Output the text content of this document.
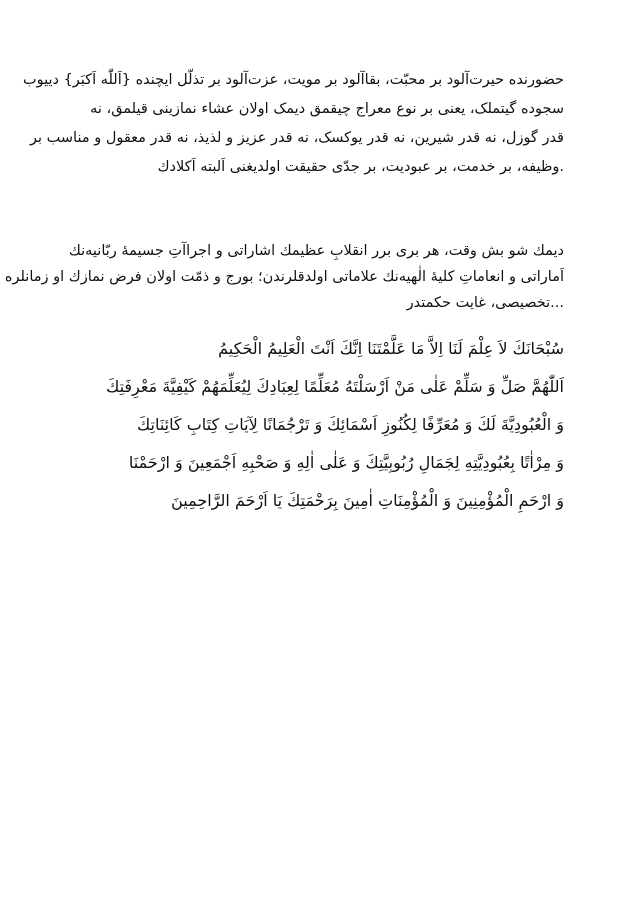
حضورنده حیرت‌آلود بر محبّت، بقاآلود بر مویت، عزت‌آلود بر تذلّل ایچنده {اَللّٰه اَکبَر} دییوب
سجوده گیتملک، یعنی بر نوع معراج چیقمق دیمک اولان عشاء نمازینی قیلمق، نه
قدر گوزل، نه قدر شیرین، نه قدر یوکسک، نه قدر عزیز و لذیذ، نه قدر معقول و مناسب بر
.وظیفه، بر خدمت، بر عبودیت، بر جدّی حقیقت اولدیغنی اَلبته اَکلادك
دیمك شو بش وقت، هر بری برر انقلابِ عظیمك اشاراتی و اجراآتِ جسیمهٔ ربّانیه‌نك
اَماراتی و انعاماتِ کلیهٔ الٰهیه‌نك علاماتی اولدقلرندن؛ بورج و ذمّت اولان فرض نمازك او زمانلره
...تخصیصی، غایت حکمتدر
سُبْحَانَكَ لاَ عِلْمَ لَنَا اِلاَّ مَا عَلَّمْتَنَا اِنَّكَ اَنْتَ الْعَلِيمُ الْحَكِيمُ
اَللّٰهُمَّ صَلِّ وَ سَلِّمْ عَلٰى مَنْ اَرْسَلْتَهُ مُعَلِّمًا لِعِبَادِكَ لِيُعَلِّمَهُمْ كَيْفِيَّةَ مَعْرِفَتِكَ
وَ الْعُبُودِيَّةَ لَكَ وَ مُعَرِّفًا لِكُنُوزِ اَسْمَائِكَ وَ تَرْجُمَانًا لِآيَاتِ كِتَابِ كَائِنَاتِكَ
وَ مِرْاٰتًا بِعُبُودِيَّتِهِ لِجَمَالِ رُبُوبِيَّتِكَ وَ عَلٰى اٰلِهِ وَ صَحْبِهِ اَجْمَعِينَ وَ ارْحَمْنَا
وَ ارْحَمِ الْمُؤْمِنِينَ وَ الْمُؤْمِنَاتِ اٰمِينَ بِرَحْمَتِكَ يَا اَرْحَمَ الرَّاحِمِينَ
